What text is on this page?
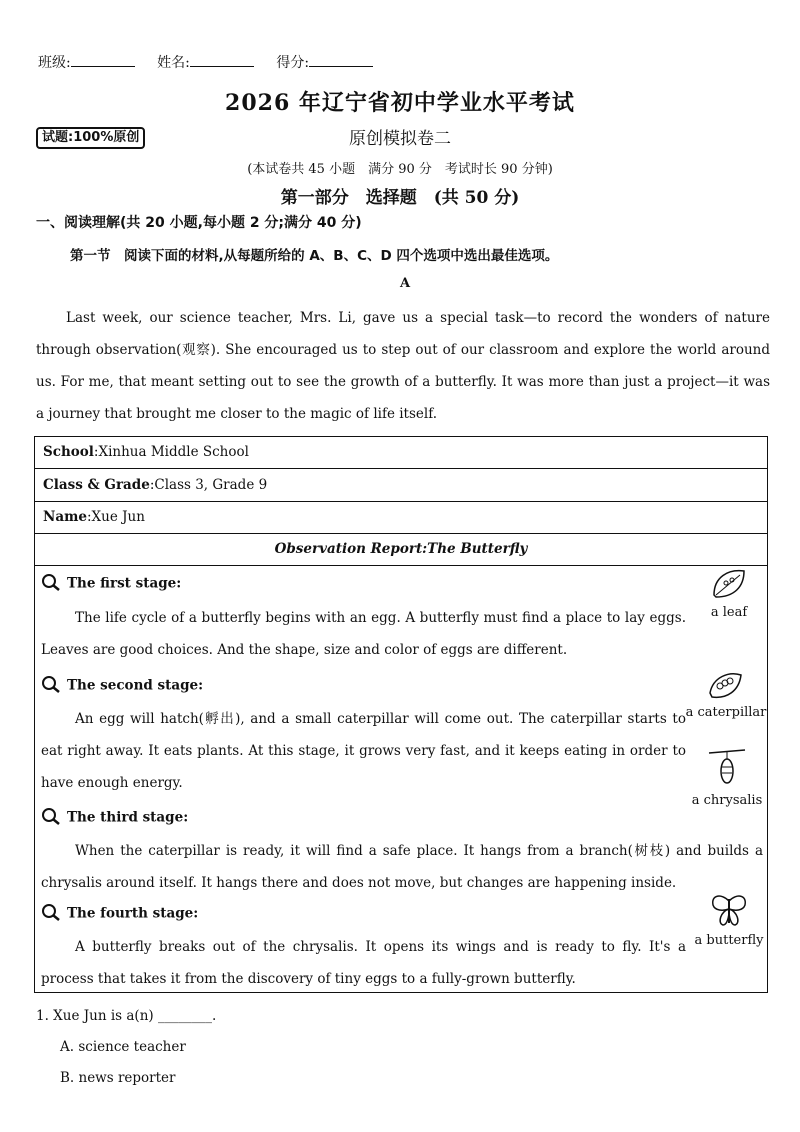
班级:	姓名:	得分:
2026 年辽宁省初中学业水平考试
试题:100%原创	原创模拟卷二
(本试卷共 45 小题　满分 90 分　考试时长 90 分钟)
第一部分　选择题　(共 50 分)
一、阅读理解(共 20 小题,每小题 2 分;满分 40 分)
第一节　阅读下面的材料,从每题所给的 A、B、C、D 四个选项中选出最佳选项。
A
Last week, our science teacher, Mrs. Li, gave us a special task—to record the wonders of nature through observation(观察). She encouraged us to step out of our classroom and explore the world around us. For me, that meant setting out to see the growth of a butterfly. It was more than just a project—it was a journey that brought me closer to the magic of life itself.
School:Xinhua Middle School
Class & Grade:Class 3, Grade 9
Name:Xue Jun
Observation Report:The Butterfly
The first stage:
The life cycle of a butterfly begins with an egg. A butterfly must find a place to lay eggs. Leaves are good choices. And the shape, size and color of eggs are different.
The second stage:
An egg will hatch(孵出), and a small caterpillar will come out. The caterpillar starts to eat right away. It eats plants. At this stage, it grows very fast, and it keeps eating in order to have enough energy.
The third stage:
When the caterpillar is ready, it will find a safe place. It hangs from a branch(树枝) and builds a chrysalis around itself. It hangs there and does not move, but changes are happening inside.
The fourth stage:
A butterfly breaks out of the chrysalis. It opens its wings and is ready to fly. It's a process that takes it from the discovery of tiny eggs to a fully-grown butterfly.
a leaf
a caterpillar
a chrysalis
a butterfly
1. Xue Jun is a(n) ________.
A. science teacher
B. news reporter
